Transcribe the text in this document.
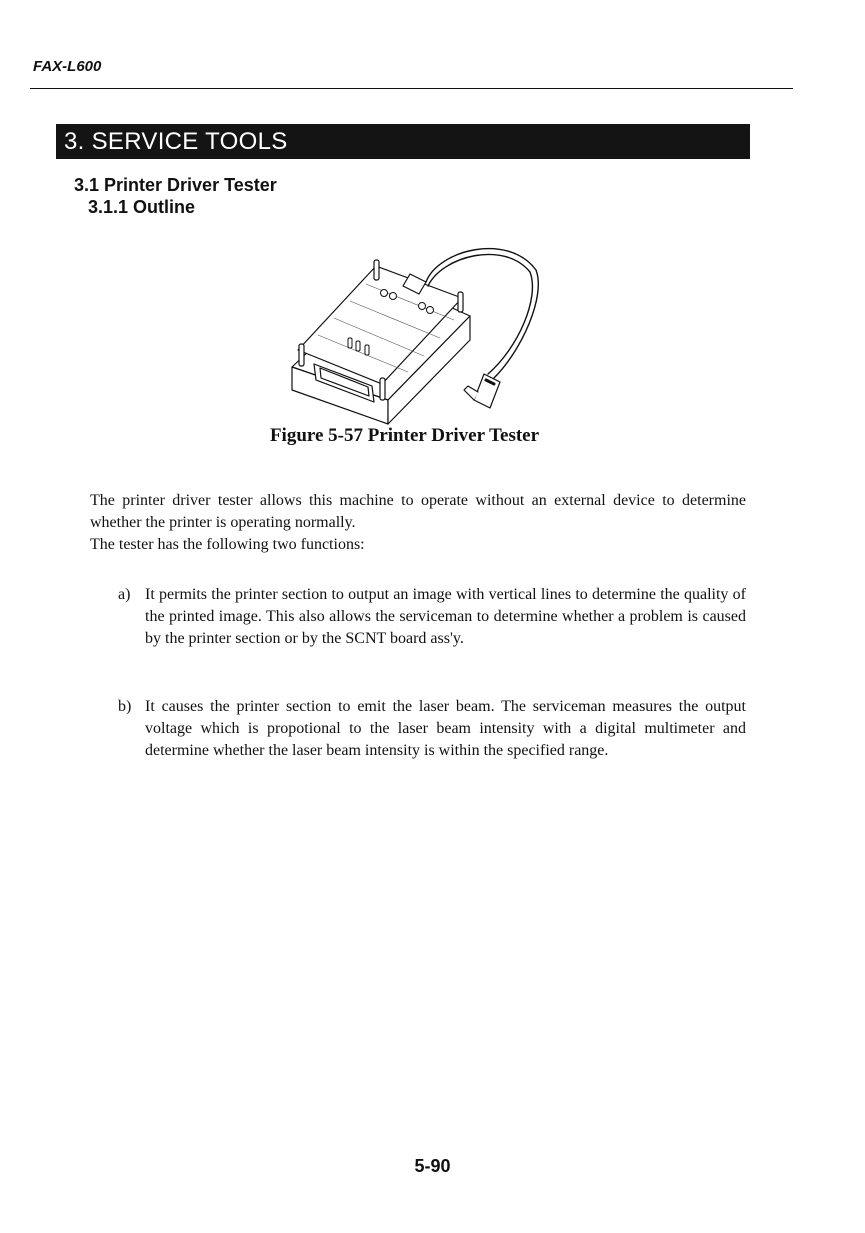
FAX-L600
3. SERVICE TOOLS
3.1 Printer Driver Tester
3.1.1 Outline
Figure 5-57 Printer Driver Tester

The printer driver tester allows this machine to operate without an external device to determine whether the printer is operating normally.

The tester has the following two functions:

a) It permits the printer section to output an image with vertical lines to determine the quality of the printed image. This also allows the serviceman to determine whether a problem is caused by the printer section or by the SCNT board ass'y.
b) It causes the printer section to emit the laser beam. The serviceman measures the output voltage which is propotional to the laser beam intensity with a digital multimeter and determine whether the laser beam intensity is within the specified range.
5-90
